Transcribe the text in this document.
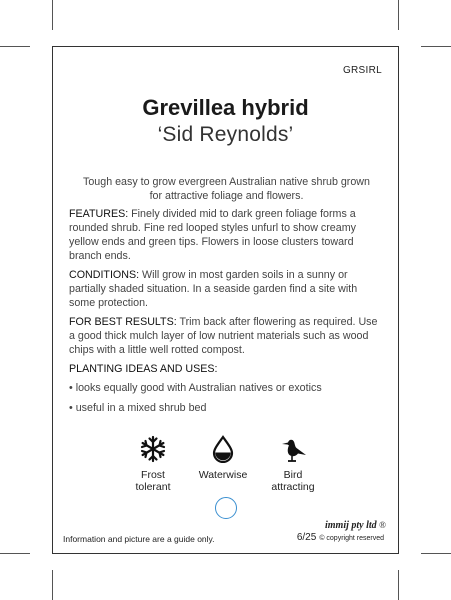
GRSIRL
Grevillea hybrid
‘Sid Reynolds’
Tough easy to grow evergreen Australian native shrub grown for attractive foliage and flowers.

FEATURES: Finely divided mid to dark green foliage forms a rounded shrub. Fine red looped styles unfurl to show creamy yellow ends and green tips. Flowers in loose clusters toward branch ends.

CONDITIONS: Will grow in most garden soils in a sunny or partially shaded situation. In a seaside garden find a site with some protection.

FOR BEST RESULTS: Trim back after flowering as required. Use a good thick mulch layer of low nutrient materials such as wood chips with a little well rotted compost.

PLANTING IDEAS AND USES:

• looks equally good with Australian natives or exotics

• useful in a mixed shrub bed

Frost
tolerant
Waterwise	Bird
attracting
immij pty ltd ®
Information and picture are a guide only.	6/25 © copyright reserved
